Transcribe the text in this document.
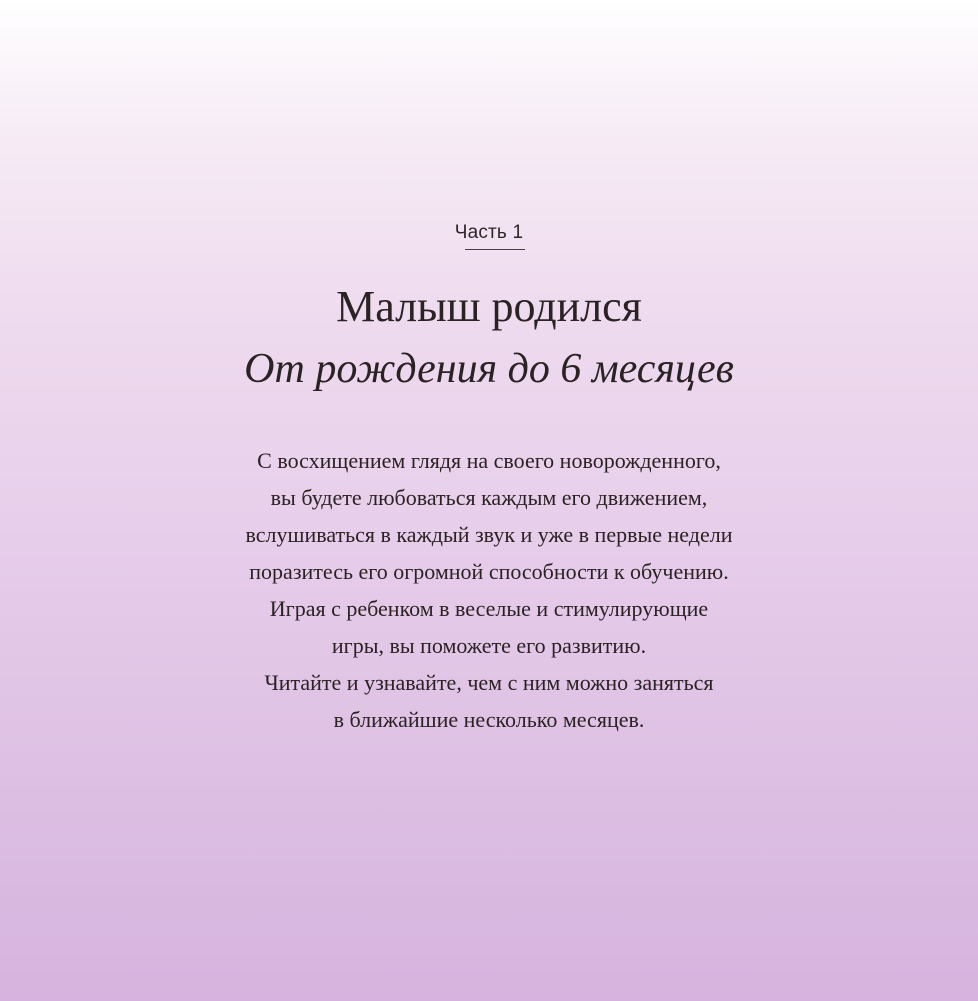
Часть 1
Малыш родился
От рождения до 6 месяцев
С восхищением глядя на своего новорожденного,
вы будете любоваться каждым его движением,
вслушиваться в каждый звук и уже в первые недели
поразитесь его огромной способности к обучению.
Играя с ребенком в веселые и стимулирующие
игры, вы поможете его развитию.
Читайте и узнавайте, чем с ним можно заняться
в ближайшие несколько месяцев.
